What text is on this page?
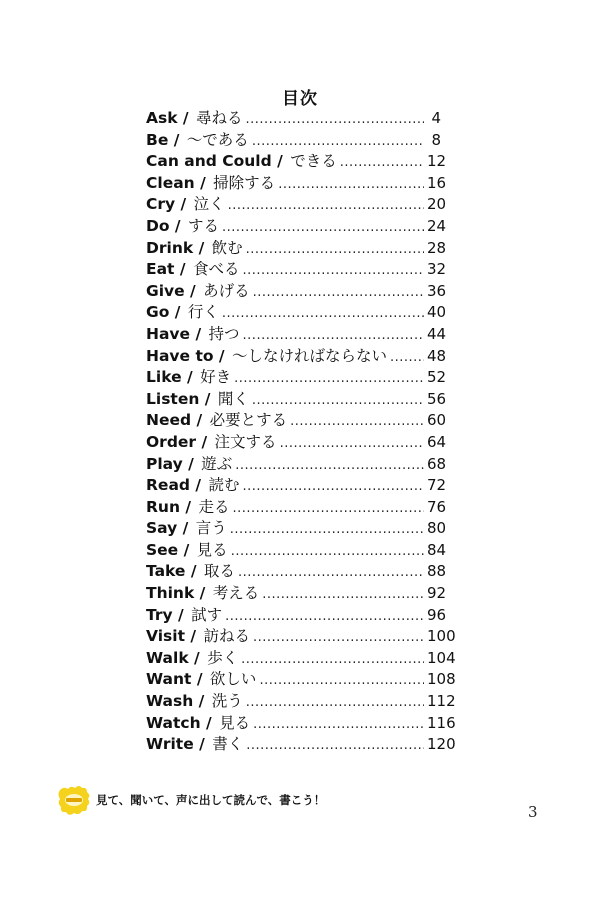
目次
Ask / 尋ねる .....	4
Be / 〜である .....	8
Can and Could / できる .....	12
Clean / 掃除する .....	16
Cry / 泣く .....	20
Do / する .....	24
Drink / 飲む .....	28
Eat / 食べる .....	32
Give / あげる .....	36
Go / 行く .....	40
Have / 持つ .....	44
Have to / 〜しなければならない .....	48
Like / 好き .....	52
Listen / 聞く .....	56
Need / 必要とする .....	60
Order / 注文する .....	64
Play / 遊ぶ .....	68
Read / 読む .....	72
Run / 走る .....	76
Say / 言う .....	80
See / 見る .....	84
Take / 取る .....	88
Think / 考える .....	92
Try / 試す .....	96
Visit / 訪ねる .....	100
Walk / 歩く .....	104
Want / 欲しい .....	108
Wash / 洗う .....	112
Watch / 見る .....	116
Write / 書く .....	120
見て、聞いて、声に出して読んで、書こう！
3
